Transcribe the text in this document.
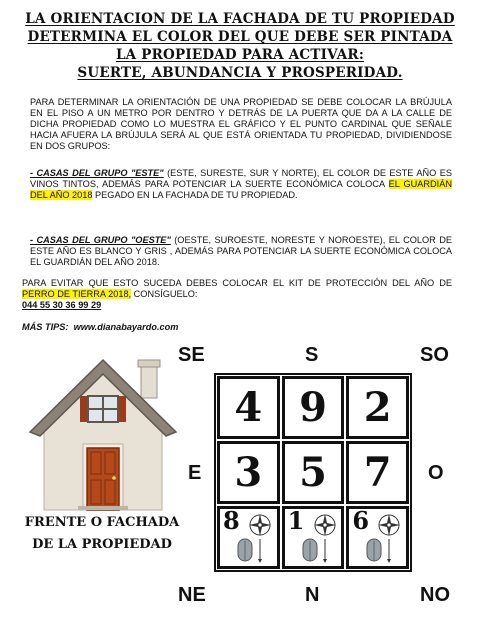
LA ORIENTACION DE LA FACHADA DE TU PROPIEDAD
DETERMINA EL COLOR DEL QUE DEBE SER PINTADA
LA PROPIEDAD PARA ACTIVAR:
SUERTE, ABUNDANCIA Y PROSPERIDAD.
PARA DETERMINAR LA ORIENTACIÓN DE UNA PROPIEDAD SE DEBE COLOCAR LA BRÚJULA EN EL PISO A UN METRO POR DENTRO Y DETRÁS DE LA PUERTA QUE DA A LA CALLE DE DICHA PROPIEDAD COMO LO MUESTRA EL GRÁFICO Y EL PUNTO CARDINAL QUE SEÑALE HACIA AFUERA LA BRÚJULA SERÁ AL QUE ESTÁ ORIENTADA TU PROPIEDAD, DIVIDIENDOSE EN DOS GRUPOS:
- CASAS DEL GRUPO "ESTE" (ESTE, SURESTE, SUR Y NORTE), EL COLOR DE ESTE AÑO ES VINOS TINTOS, ADEMÁS PARA POTENCIAR LA SUERTE ECONÓMICA COLOCA EL GUARDIÁN DEL AÑO 2018 PEGADO EN LA FACHADA DE TU PROPIEDAD.
- CASAS DEL GRUPO "OESTE" (OESTE, SUROESTE, NORESTE Y NOROESTE), EL COLOR DE ESTE AÑO ES BLANCO Y GRIS , ADEMÁS PARA POTENCIAR LA SUERTE ECONÓMICA COLOCA EL GUARDIÁN DEL AÑO 2018.
PARA EVITAR QUE ESTO SUCEDA DEBES COLOCAR EL KIT DE PROTECCIÓN DEL AÑO DE PERRO DE TIERRA 2018, CONSÍGUELO:
044 55 30 36 99 29
MÁS TIPS: www.dianabayardo.com
FRENTE O FACHADA
DE LA PROPIEDAD
SE	S	SO
E	O
NE	N	NO
4 9 2
3 5 7
8 1 6
